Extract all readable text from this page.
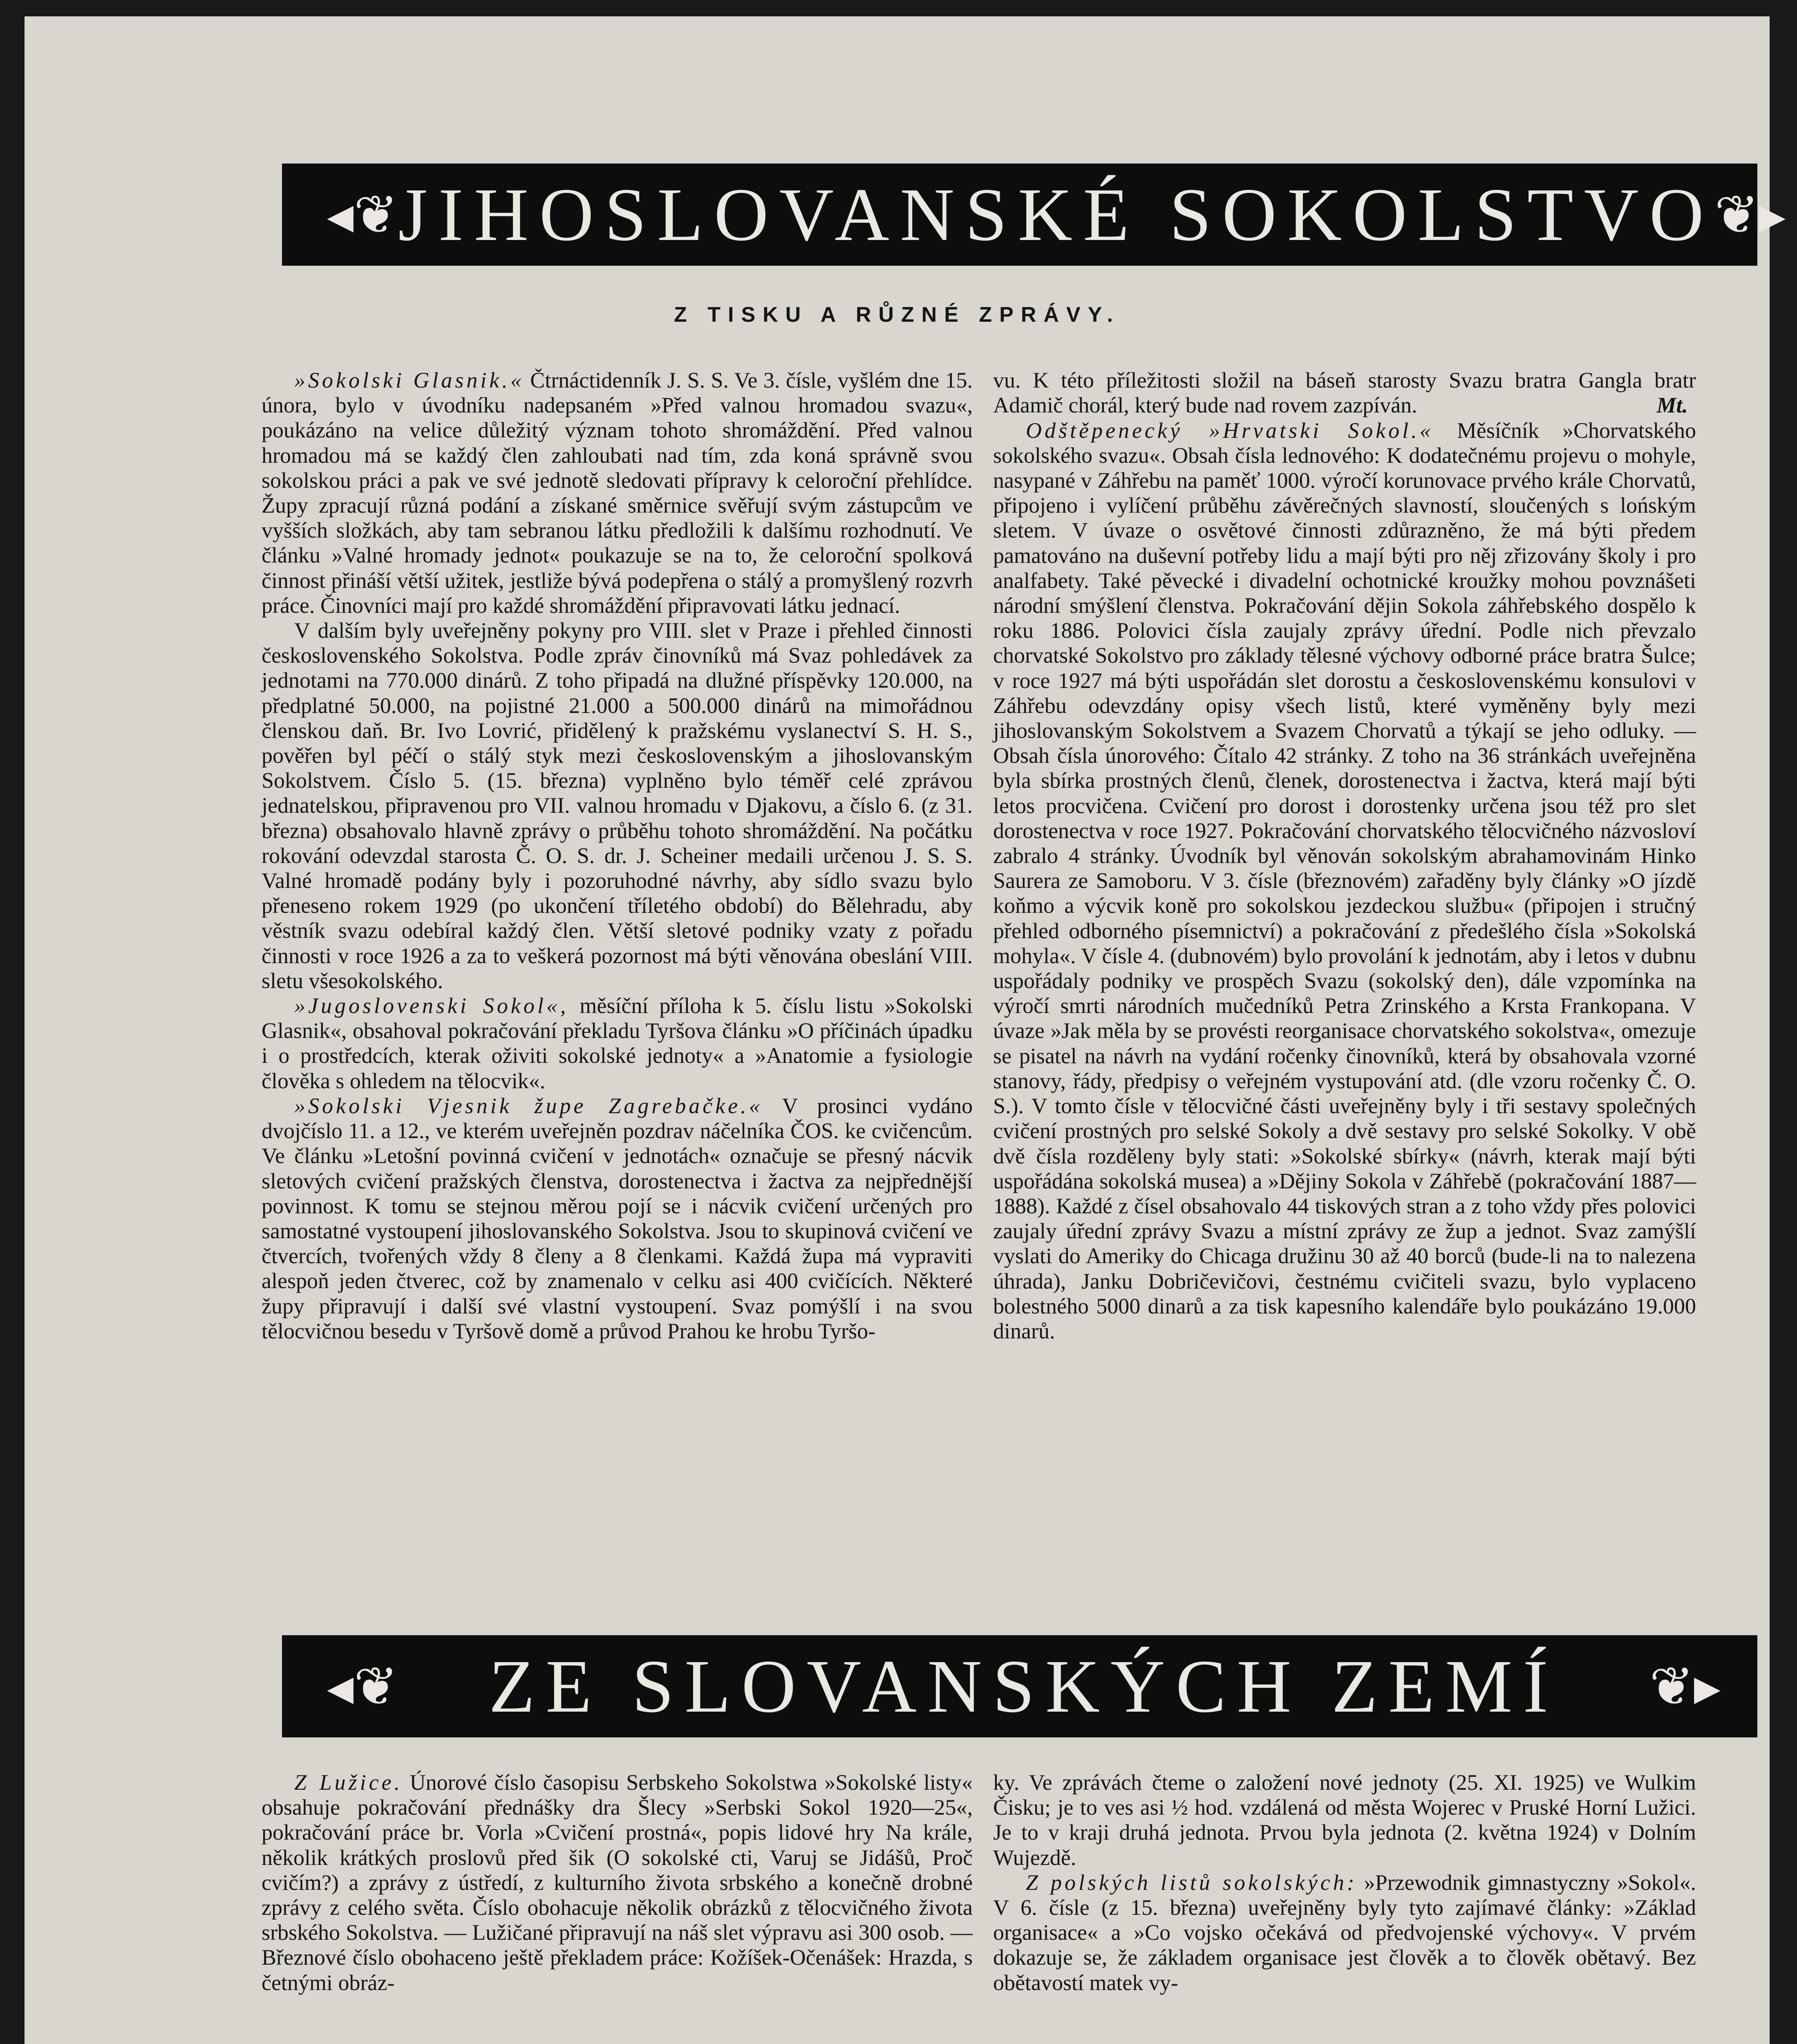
◂❦ JIHOSLOVANSKÉ SOKOLSTVO ❦▸
Z TISKU A RŮZNÉ ZPRÁVY.

»Sokolski Glasnik.« Čtrnáctidenník J. S. S. Ve 3. čísle, vyšlém dne 15. února, bylo v úvodníku nadepsaném »Před valnou hromadou svazu«, poukázáno na velice důležitý význam tohoto shromáždění. Před valnou hromadou má se každý člen zahloubati nad tím, zda koná správně svou sokolskou práci a pak ve své jednotě sledovati přípravy k celoroční přehlídce. Župy zpracují různá podání a získané směrnice svěřují svým zástupcům ve vyšších složkách, aby tam sebranou látku předložili k dalšímu rozhodnutí. Ve článku »Valné hromady jednot« poukazuje se na to, že celoroční spolková činnost přináší větší užitek, jestliže bývá podepřena o stálý a promyšlený rozvrh práce. Činovníci mají pro každé shromáždění připravovati látku jednací.

V dalším byly uveřejněny pokyny pro VIII. slet v Praze i přehled činnosti československého Sokolstva. Podle zpráv činovníků má Svaz pohledávek za jednotami na 770.000 dinárů. Z toho připadá na dlužné příspěvky 120.000, na předplatné 50.000, na pojistné 21.000 a 500.000 dinárů na mimořádnou členskou daň. Br. Ivo Lovrić, přidělený k pražskému vyslanectví S. H. S., pověřen byl péčí o stálý styk mezi československým a jihoslovanským Sokolstvem. Číslo 5. (15. března) vyplněno bylo téměř celé zprávou jednatelskou, připravenou pro VII. valnou hromadu v Djakovu, a číslo 6. (z 31. března) obsahovalo hlavně zprávy o průběhu tohoto shromáždění. Na počátku rokování odevzdal starosta Č. O. S. dr. J. Scheiner medaili určenou J. S. S. Valné hromadě podány byly i pozoruhodné návrhy, aby sídlo svazu bylo přeneseno rokem 1929 (po ukončení tříletého období) do Bělehradu, aby věstník svazu odebíral každý člen. Větší sletové podniky vzaty z pořadu činnosti v roce 1926 a za to veškerá pozornost má býti věnována obeslání VIII. sletu všesokolského.

»Jugoslovenski Sokol«, měsíční příloha k 5. číslu listu »Sokolski Glasnik«, obsahoval pokračování překladu Tyršova článku »O příčinách úpadku i o prostředcích, kterak oživiti sokolské jednoty« a »Anatomie a fysiologie člověka s ohledem na tělocvik«.

»Sokolski Vjesnik župe Zagrebačke.« V prosinci vydáno dvojčíslo 11. a 12., ve kterém uveřejněn pozdrav náčelníka ČOS. ke cvičencům. Ve článku »Letošní povinná cvičení v jednotách« označuje se přesný nácvik sletových cvičení pražských členstva, dorostenectva i žactva za nejpřednější povinnost. K tomu se stejnou měrou pojí se i nácvik cvičení určených pro samostatné vystoupení jihoslovanského Sokolstva. Jsou to skupinová cvičení ve čtvercích, tvořených vždy 8 členy a 8 členkami. Každá župa má vypraviti alespoň jeden čtverec, což by znamenalo v celku asi 400 cvičících. Některé župy připravují i další své vlastní vystoupení. Svaz pomýšlí i na svou tělocvičnou besedu v Tyršově domě a průvod Prahou ke hrobu Tyršo-

vu. K této příležitosti složil na báseň starosty Svazu bratra Gangla bratr Adamič chorál, který bude nad rovem zazpíván.	Mt.

Odštěpenecký »Hrvatski Sokol.« Měsíčník »Chorvatského sokolského svazu«. Obsah čísla lednového: K dodatečnému projevu o mohyle, nasypané v Záhřebu na paměť 1000. výročí korunovace prvého krále Chorvatů, připojeno i vylíčení průběhu závěrečných slavností, sloučených s lońským sletem. V úvaze o osvětové činnosti zdůrazněno, že má býti předem pamatováno na duševní potřeby lidu a mají býti pro něj zřizovány školy i pro analfabety. Také pěvecké i divadelní ochotnické kroužky mohou povznášeti národní smýšlení členstva. Pokračování dějin Sokola záhřebského dospělo k roku 1886. Polovici čísla zaujaly zprávy úřední. Podle nich převzalo chorvatské Sokolstvo pro základy tělesné výchovy odborné práce bratra Šulce; v roce 1927 má býti uspořádán slet dorostu a československému konsulovi v Záhřebu odevzdány opisy všech listů, které vyměněny byly mezi jihoslovanským Sokolstvem a Svazem Chorvatů a týkají se jeho odluky. — Obsah čísla únorového: Čítalo 42 stránky. Z toho na 36 stránkách uveřejněna byla sbírka prostných členů, členek, dorostenectva i žactva, která mají býti letos procvičena. Cvičení pro dorost i dorostenky určena jsou též pro slet dorostenectva v roce 1927. Pokračování chorvatského tělocvičného názvosloví zabralo 4 stránky. Úvodník byl věnován sokolským abrahamovinám Hinko Saurera ze Samoboru. V 3. čísle (březnovém) zařaděny byly články »O jízdě koňmo a výcvik koně pro sokolskou jezdeckou službu« (připojen i stručný přehled odborného písemnictví) a pokračování z předešlého čísla »Sokolská mohyla«. V čísle 4. (dubnovém) bylo provolání k jednotám, aby i letos v dubnu uspořádaly podniky ve prospěch Svazu (sokolský den), dále vzpomínka na výročí smrti národních mučedníků Petra Zrinského a Krsta Frankopana. V úvaze »Jak měla by se provésti reorganisace chorvatského sokolstva«, omezuje se pisatel na návrh na vydání ročenky činovníků, která by obsahovala vzorné stanovy, řády, předpisy o veřejném vystupování atd. (dle vzoru ročenky Č. O. S.). V tomto čísle v tělocvičné části uveřejněny byly i tři sestavy společných cvičení prostných pro selské Sokoly a dvě sestavy pro selské Sokolky. V obě dvě čísla rozděleny byly stati: »Sokolské sbírky« (návrh, kterak mají býti uspořádána sokolská musea) a »Dějiny Sokola v Záhřebě (pokračování 1887—1888). Každé z čísel obsahovalo 44 tiskových stran a z toho vždy přes polovici zaujaly úřední zprávy Svazu a místní zprávy ze žup a jednot. Svaz zamýšlí vyslati do Ameriky do Chicaga družinu 30 až 40 borců (bude-li na to nalezena úhrada), Janku Dobričevičovi, čestnému cvičiteli svazu, bylo vyplaceno bolestného 5000 dinarů a za tisk kapesního kalendáře bylo poukázáno 19.000 dinarů.

◂❦	ZE SLOVANSKÝCH ZEMÍ	❦▸

Z Lužice. Únorové číslo časopisu Serbskeho Sokolstwa »Sokolské listy« obsahuje pokračování přednášky dra Šlecy »Serbski Sokol 1920—25«, pokračování práce br. Vorla »Cvičení prostná«, popis lidové hry Na krále, několik krátkých proslovů před šik (O sokolské cti, Varuj se Jidášů, Proč cvičím?) a zprávy z ústředí, z kulturního života srbského a konečně drobné zprávy z celého světa. Číslo obohacuje několik obrázků z tělocvičného života srbského Sokolstva. — Lužičané připravují na náš slet výpravu asi 300 osob. — Březnové číslo obohaceno ještě překladem práce: Kožíšek-Očenášek: Hrazda, s četnými obráz-

ky. Ve zprávách čteme o založení nové jednoty (25. XI. 1925) ve Wulkim Čisku; je to ves asi ½ hod. vzdálená od města Wojerec v Pruské Horní Lužici. Je to v kraji druhá jednota. Prvou byla jednota (2. května 1924) v Dolním Wujezdě.

Z polských listů sokolských: »Przewodnik gimnastyczny »Sokol«. V 6. čísle (z 15. března) uveřejněny byly tyto zajímavé články: »Základ organisace« a »Co vojsko očekává od předvojenské výchovy«. V prvém dokazuje se, že základem organisace jest člověk a to člověk obětavý. Bez obětavostí matek vy-
